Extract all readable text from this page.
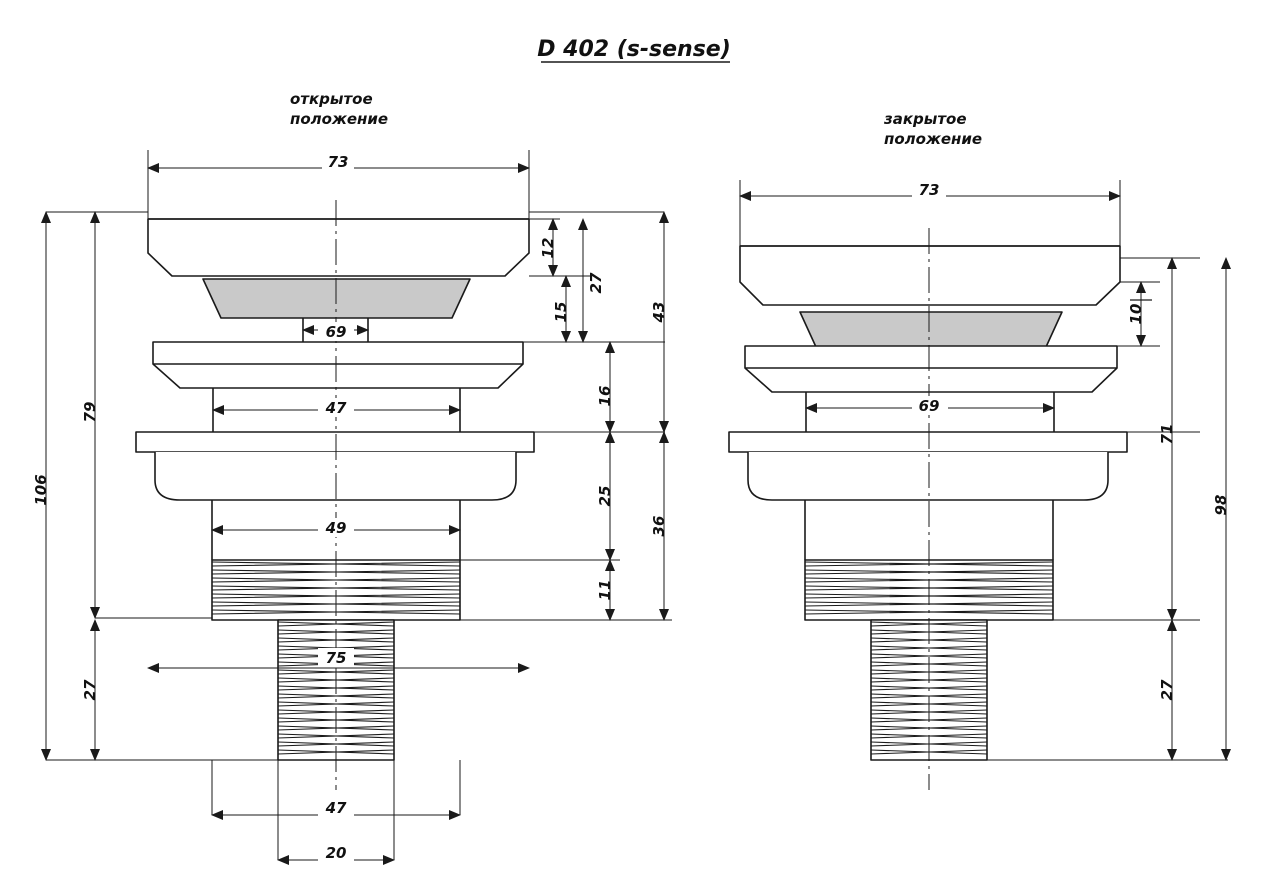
D 402 (s-sense)
открытое
положение	закрытое
положение
73
12
27
15	43
69
47
16
25
36
11
49
106
79
27
75
47
20
73
10
69
71
98
27
